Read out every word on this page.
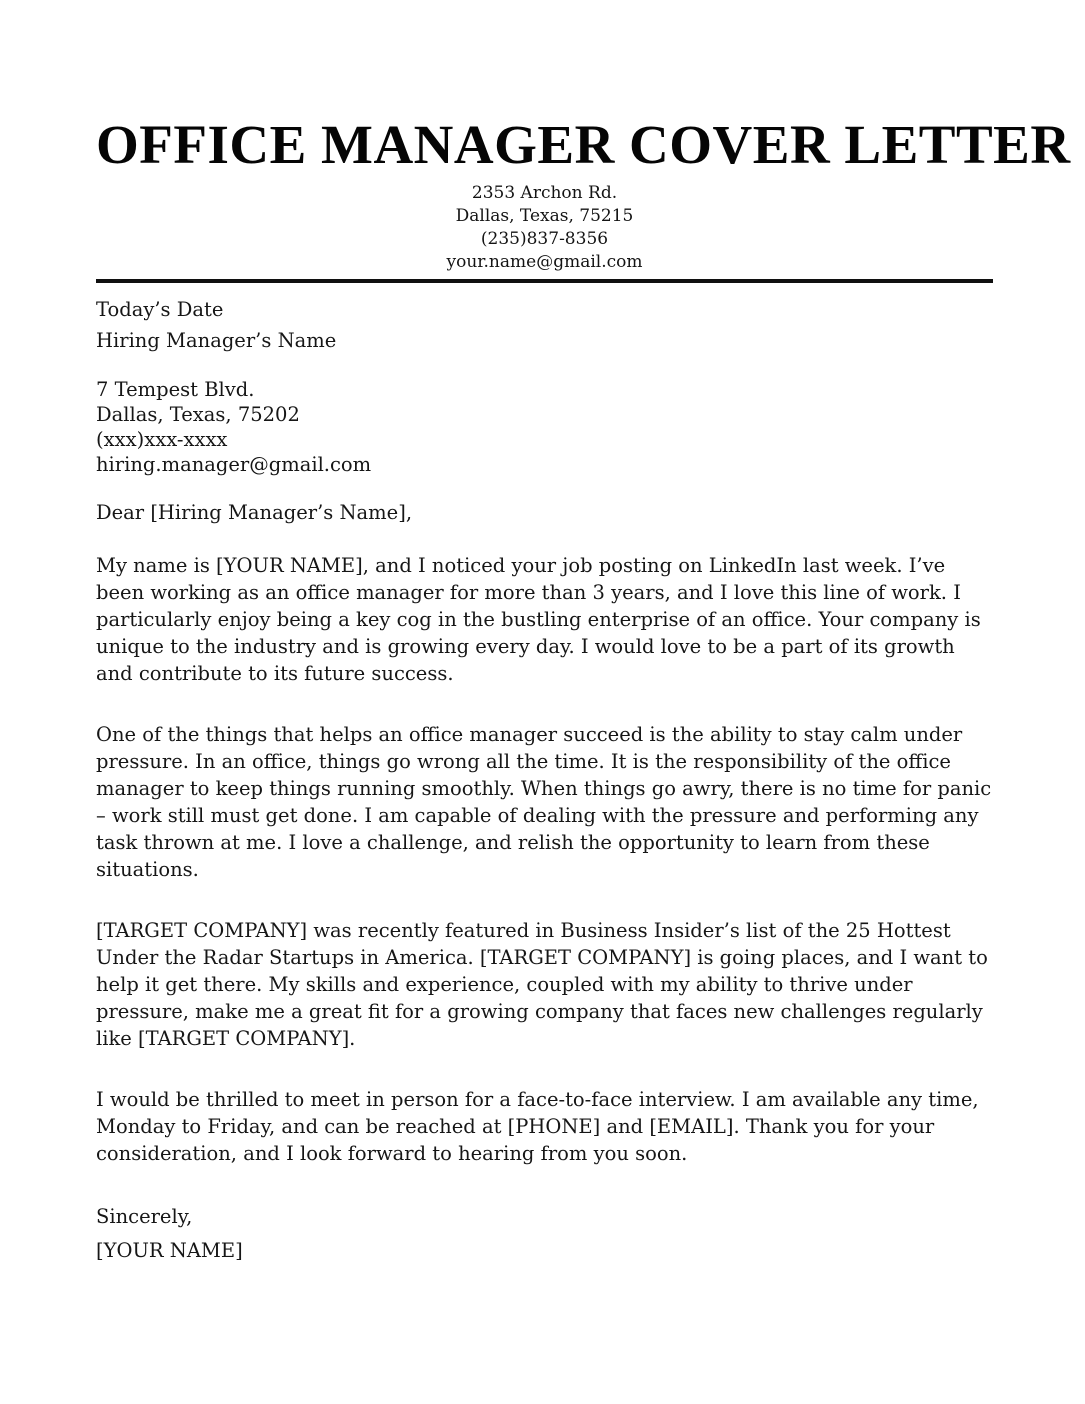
OFFICE MANAGER COVER LETTER
2353 Archon Rd.
Dallas, Texas, 75215
(235)837-8356
your.name@gmail.com
Today’s Date
Hiring Manager’s Name
7 Tempest Blvd.
Dallas, Texas, 75202
(xxx)xxx-xxxx
hiring.manager@gmail.com
Dear [Hiring Manager’s Name],

My name is [YOUR NAME], and I noticed your job posting on LinkedIn last week. I’ve been working as an office manager for more than 3 years, and I love this line of work. I particularly enjoy being a key cog in the bustling enterprise of an office. Your company is unique to the industry and is growing every day. I would love to be a part of its growth and contribute to its future success.

One of the things that helps an office manager succeed is the ability to stay calm under pressure. In an office, things go wrong all the time. It is the responsibility of the office manager to keep things running smoothly. When things go awry, there is no time for panic – work still must get done. I am capable of dealing with the pressure and performing any task thrown at me. I love a challenge, and relish the opportunity to learn from these situations.

[TARGET COMPANY] was recently featured in Business Insider’s list of the 25 Hottest Under the Radar Startups in America. [TARGET COMPANY] is going places, and I want to help it get there. My skills and experience, coupled with my ability to thrive under pressure, make me a great fit for a growing company that faces new challenges regularly like [TARGET COMPANY].

I would be thrilled to meet in person for a face-to-face interview. I am available any time, Monday to Friday, and can be reached at [PHONE] and [EMAIL]. Thank you for your consideration, and I look forward to hearing from you soon.

Sincerely,
[YOUR NAME]
